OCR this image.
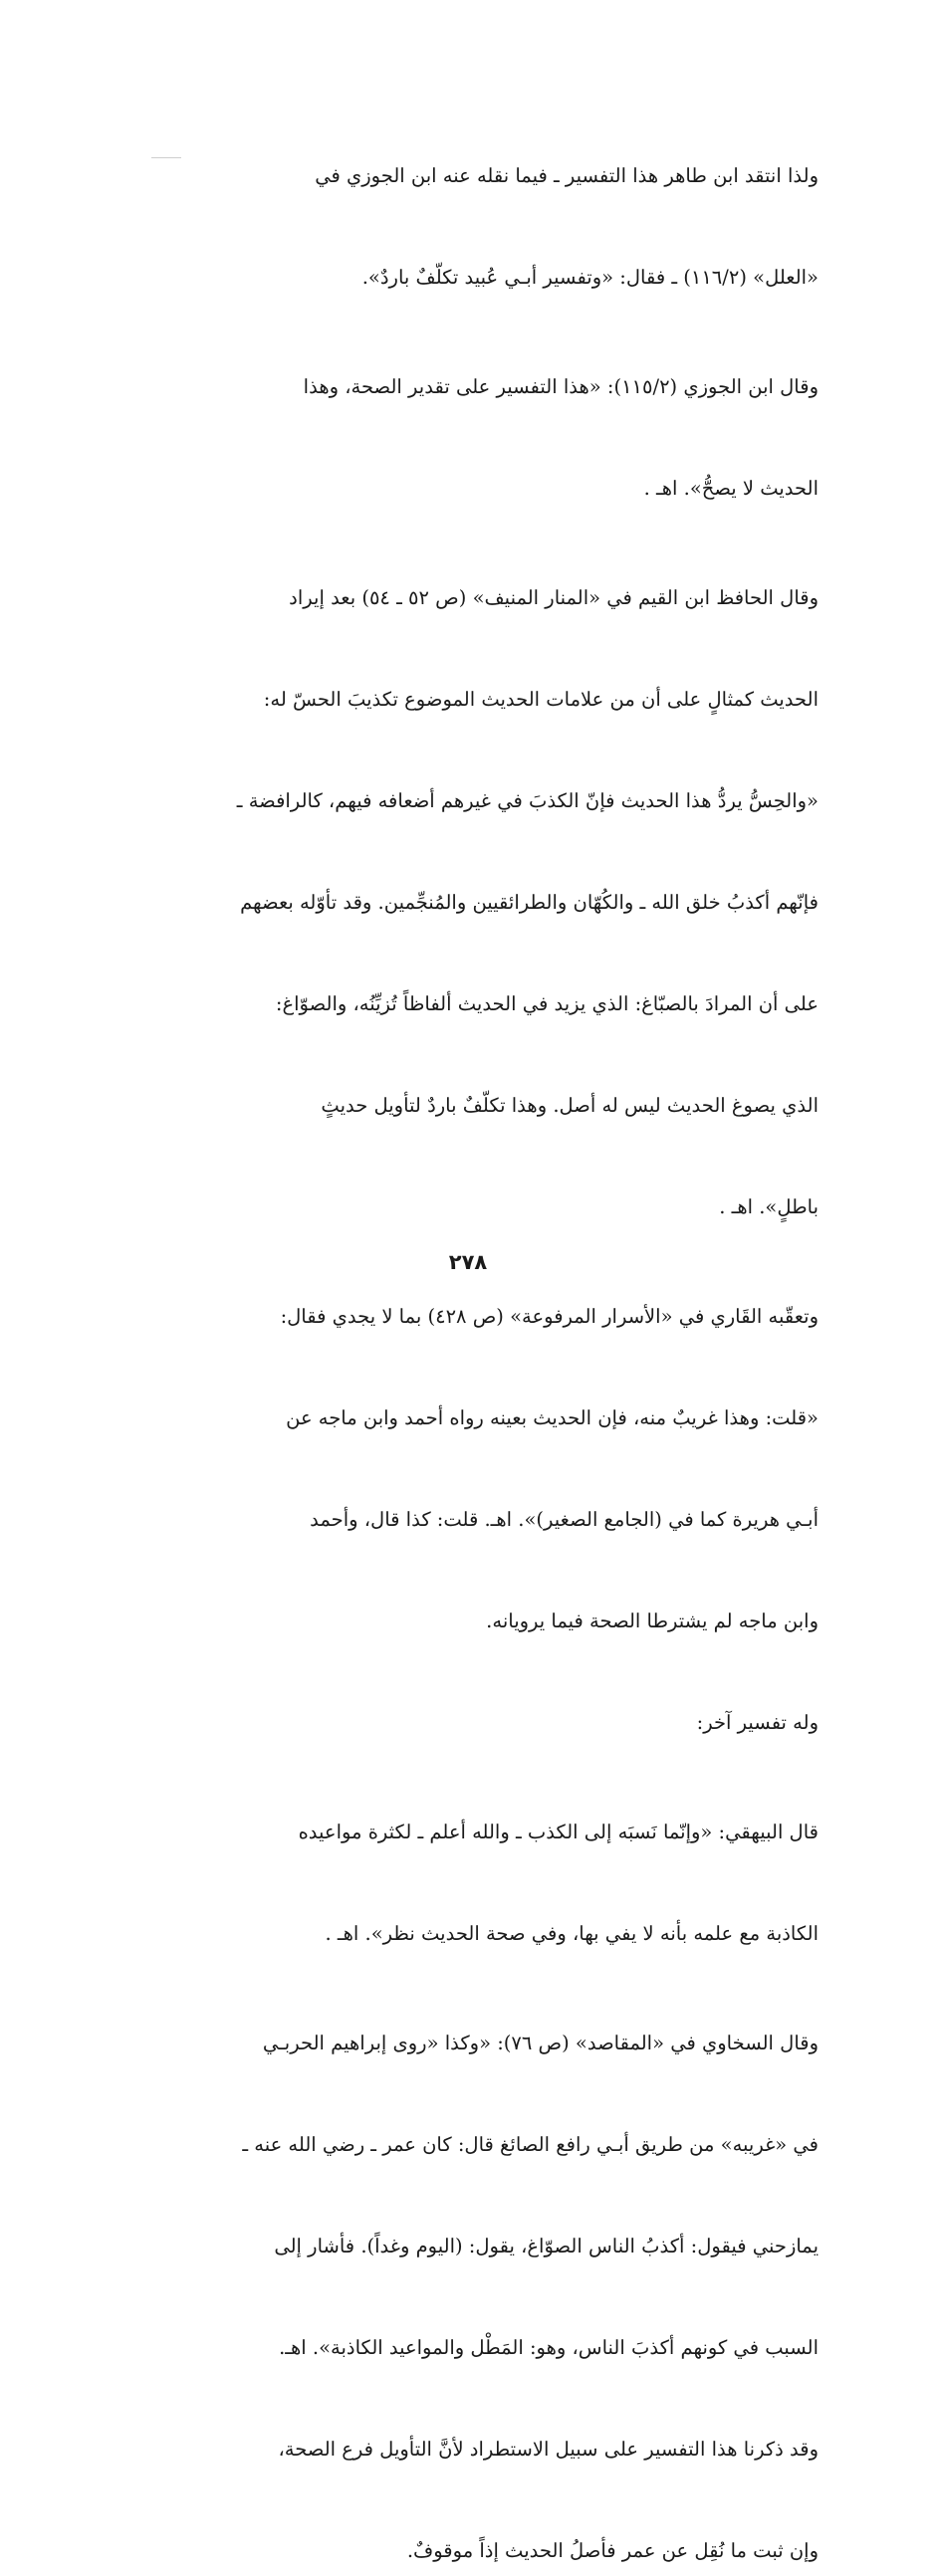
ولذا انتقد ابن طاهر هذا التفسير ـ فيما نقله عنه ابن الجوزي في

«العلل» (١١٦/٢) ـ فقال: «وتفسير أبـي عُبيد تكلّفٌ باردٌ».

وقال ابن الجوزي (١١٥/٢): «هذا التفسير على تقدير الصحة، وهذا

الحديث لا يصحُّ». اهـ .

وقال الحافظ ابن القيم في «المنار المنيف» (ص ٥٢ ـ ٥٤) بعد إيراد

الحديث كمثالٍ على أن من علامات الحديث الموضوع تكذيبَ الحسّ له:

«والحِسُّ يردُّ هذا الحديث فإنّ الكذبَ في غيرهم أضعافه فيهم، كالرافضة ـ

فإنّهم أكذبُ خلق الله ـ والكُهّان والطرائقيين والمُنجِّمين. وقد تأوّله بعضهم

على أن المرادَ بالصبّاغ: الذي يزيد في الحديث ألفاظاً تُزيِّنُه، والصوّاغ:

الذي يصوغ الحديث ليس له أصل. وهذا تكلّفٌ باردٌ لتأويل حديثٍ

باطلٍ». اهـ .

وتعقّبه القَاري في «الأسرار المرفوعة» (ص ٤٢٨) بما لا يجدي فقال:

«قلت: وهذا غريبٌ منه، فإن الحديث بعينه رواه أحمد وابن ماجه عن

أبـي هريرة كما في (الجامع الصغير)». اهـ. قلت: كذا قال، وأحمد

وابن ماجه لم يشترطا الصحة فيما يرويانه.

وله تفسير آخر:

قال البيهقي: «وإنّما نَسبَه إلى الكذب ـ والله أعلم ـ لكثرة مواعيده

الكاذبة مع علمه بأنه لا يفي بها، وفي صحة الحديث نظر». اهـ .

وقال السخاوي في «المقاصد» (ص ٧٦): «وكذا «روى إبراهيم الحربـي

في «غريبه» من طريق أبـي رافع الصائغ قال: كان عمر ـ رضي الله عنه ـ

يمازحني فيقول: أكذبُ الناس الصوّاغ، يقول: (اليوم وغداً). فأشار إلى

السبب في كونهم أكذبَ الناس، وهو: المَطْل والمواعيد الكاذبة». اهـ.

وقد ذكرنا هذا التفسير على سبيل الاستطراد لأنَّ التأويل فرع الصحة،

وإن ثبت ما نُقِل عن عمر فأصلُ الحديث إذاً موقوفٌ.

٢٧٨
